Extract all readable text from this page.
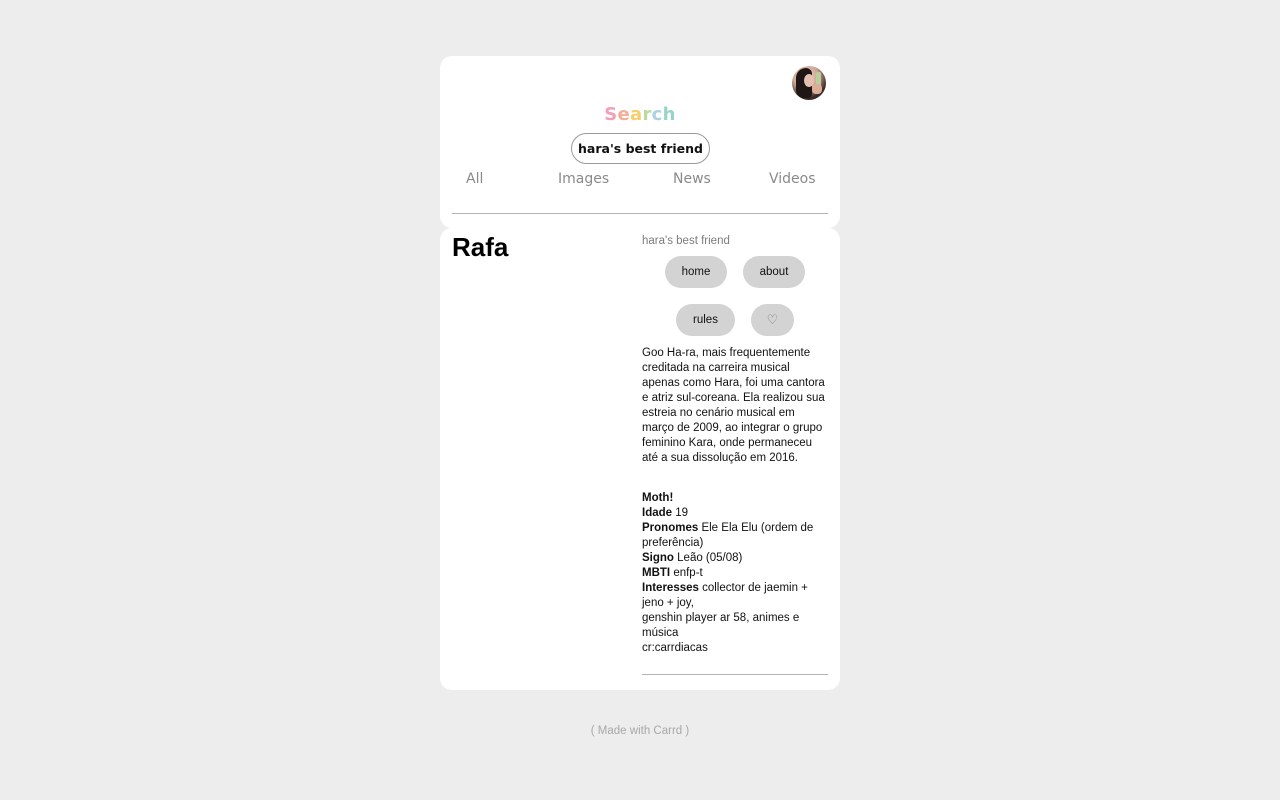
Search
hara's best friend
All	Images	News	Videos
Rafa	hara's best friend
home	about
rules	♡

Goo Ha-ra, mais frequentemente creditada na carreira musical apenas como Hara, foi uma cantora e atriz sul-coreana. Ela realizou sua estreia no cenário musical em março de 2009, ao integrar o grupo feminino Kara, onde permaneceu até a sua dissolução em 2016.

Moth!
Idade 19
Pronomes Ele Ela Elu (ordem de preferência)
Signo Leão (05/08)
MBTI enfp-t
Interesses collector de jaemin + jeno + joy,
genshin player ar 58, animes e música
cr:carrdiacas
( Made with Carrd )
